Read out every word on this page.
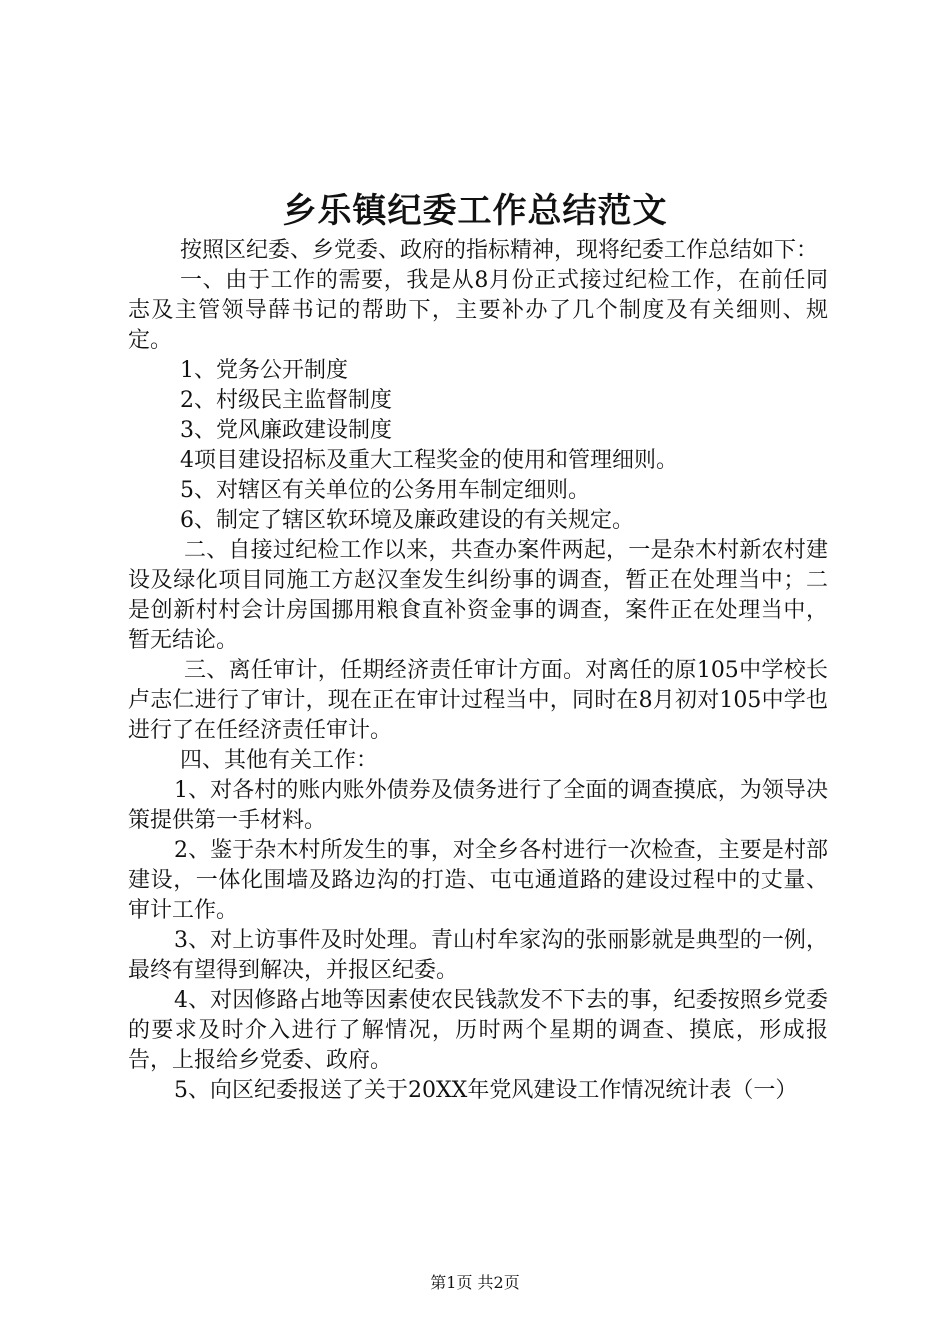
乡乐镇纪委工作总结范文

按照区纪委、乡党委、政府的指标精神，现将纪委工作总结如下：

一、由于工作的需要，我是从8月份正式接过纪检工作，在前任同志及主管领导薛书记的帮助下，主要补办了几个制度及有关细则、规定。

1、党务公开制度

2、村级民主监督制度

3、党风廉政建设制度

4项目建设招标及重大工程奖金的使用和管理细则。

5、对辖区有关单位的公务用车制定细则。

6、制定了辖区软环境及廉政建设的有关规定。

二、自接过纪检工作以来，共查办案件两起，一是杂木村新农村建设及绿化项目同施工方赵汉奎发生纠纷事的调查，暂正在处理当中；二是创新村村会计房国挪用粮食直补资金事的调查，案件正在处理当中，暂无结论。

三、离任审计，任期经济责任审计方面。对离任的原105中学校长卢志仁进行了审计，现在正在审计过程当中，同时在8月初对105中学也进行了在任经济责任审计。

四、其他有关工作：

1、对各村的账内账外债券及债务进行了全面的调查摸底，为领导决策提供第一手材料。

2、鉴于杂木村所发生的事，对全乡各村进行一次检查，主要是村部建设，一体化围墙及路边沟的打造、屯屯通道路的建设过程中的丈量、审计工作。

3、对上访事件及时处理。青山村牟家沟的张丽影就是典型的一例，最终有望得到解决，并报区纪委。

4、对因修路占地等因素使农民钱款发不下去的事，纪委按照乡党委的要求及时介入进行了解情况，历时两个星期的调查、摸底，形成报告，上报给乡党委、政府。

5、向区纪委报送了关于20XX年党风建设工作情况统计表（一）

第1页 共2页
